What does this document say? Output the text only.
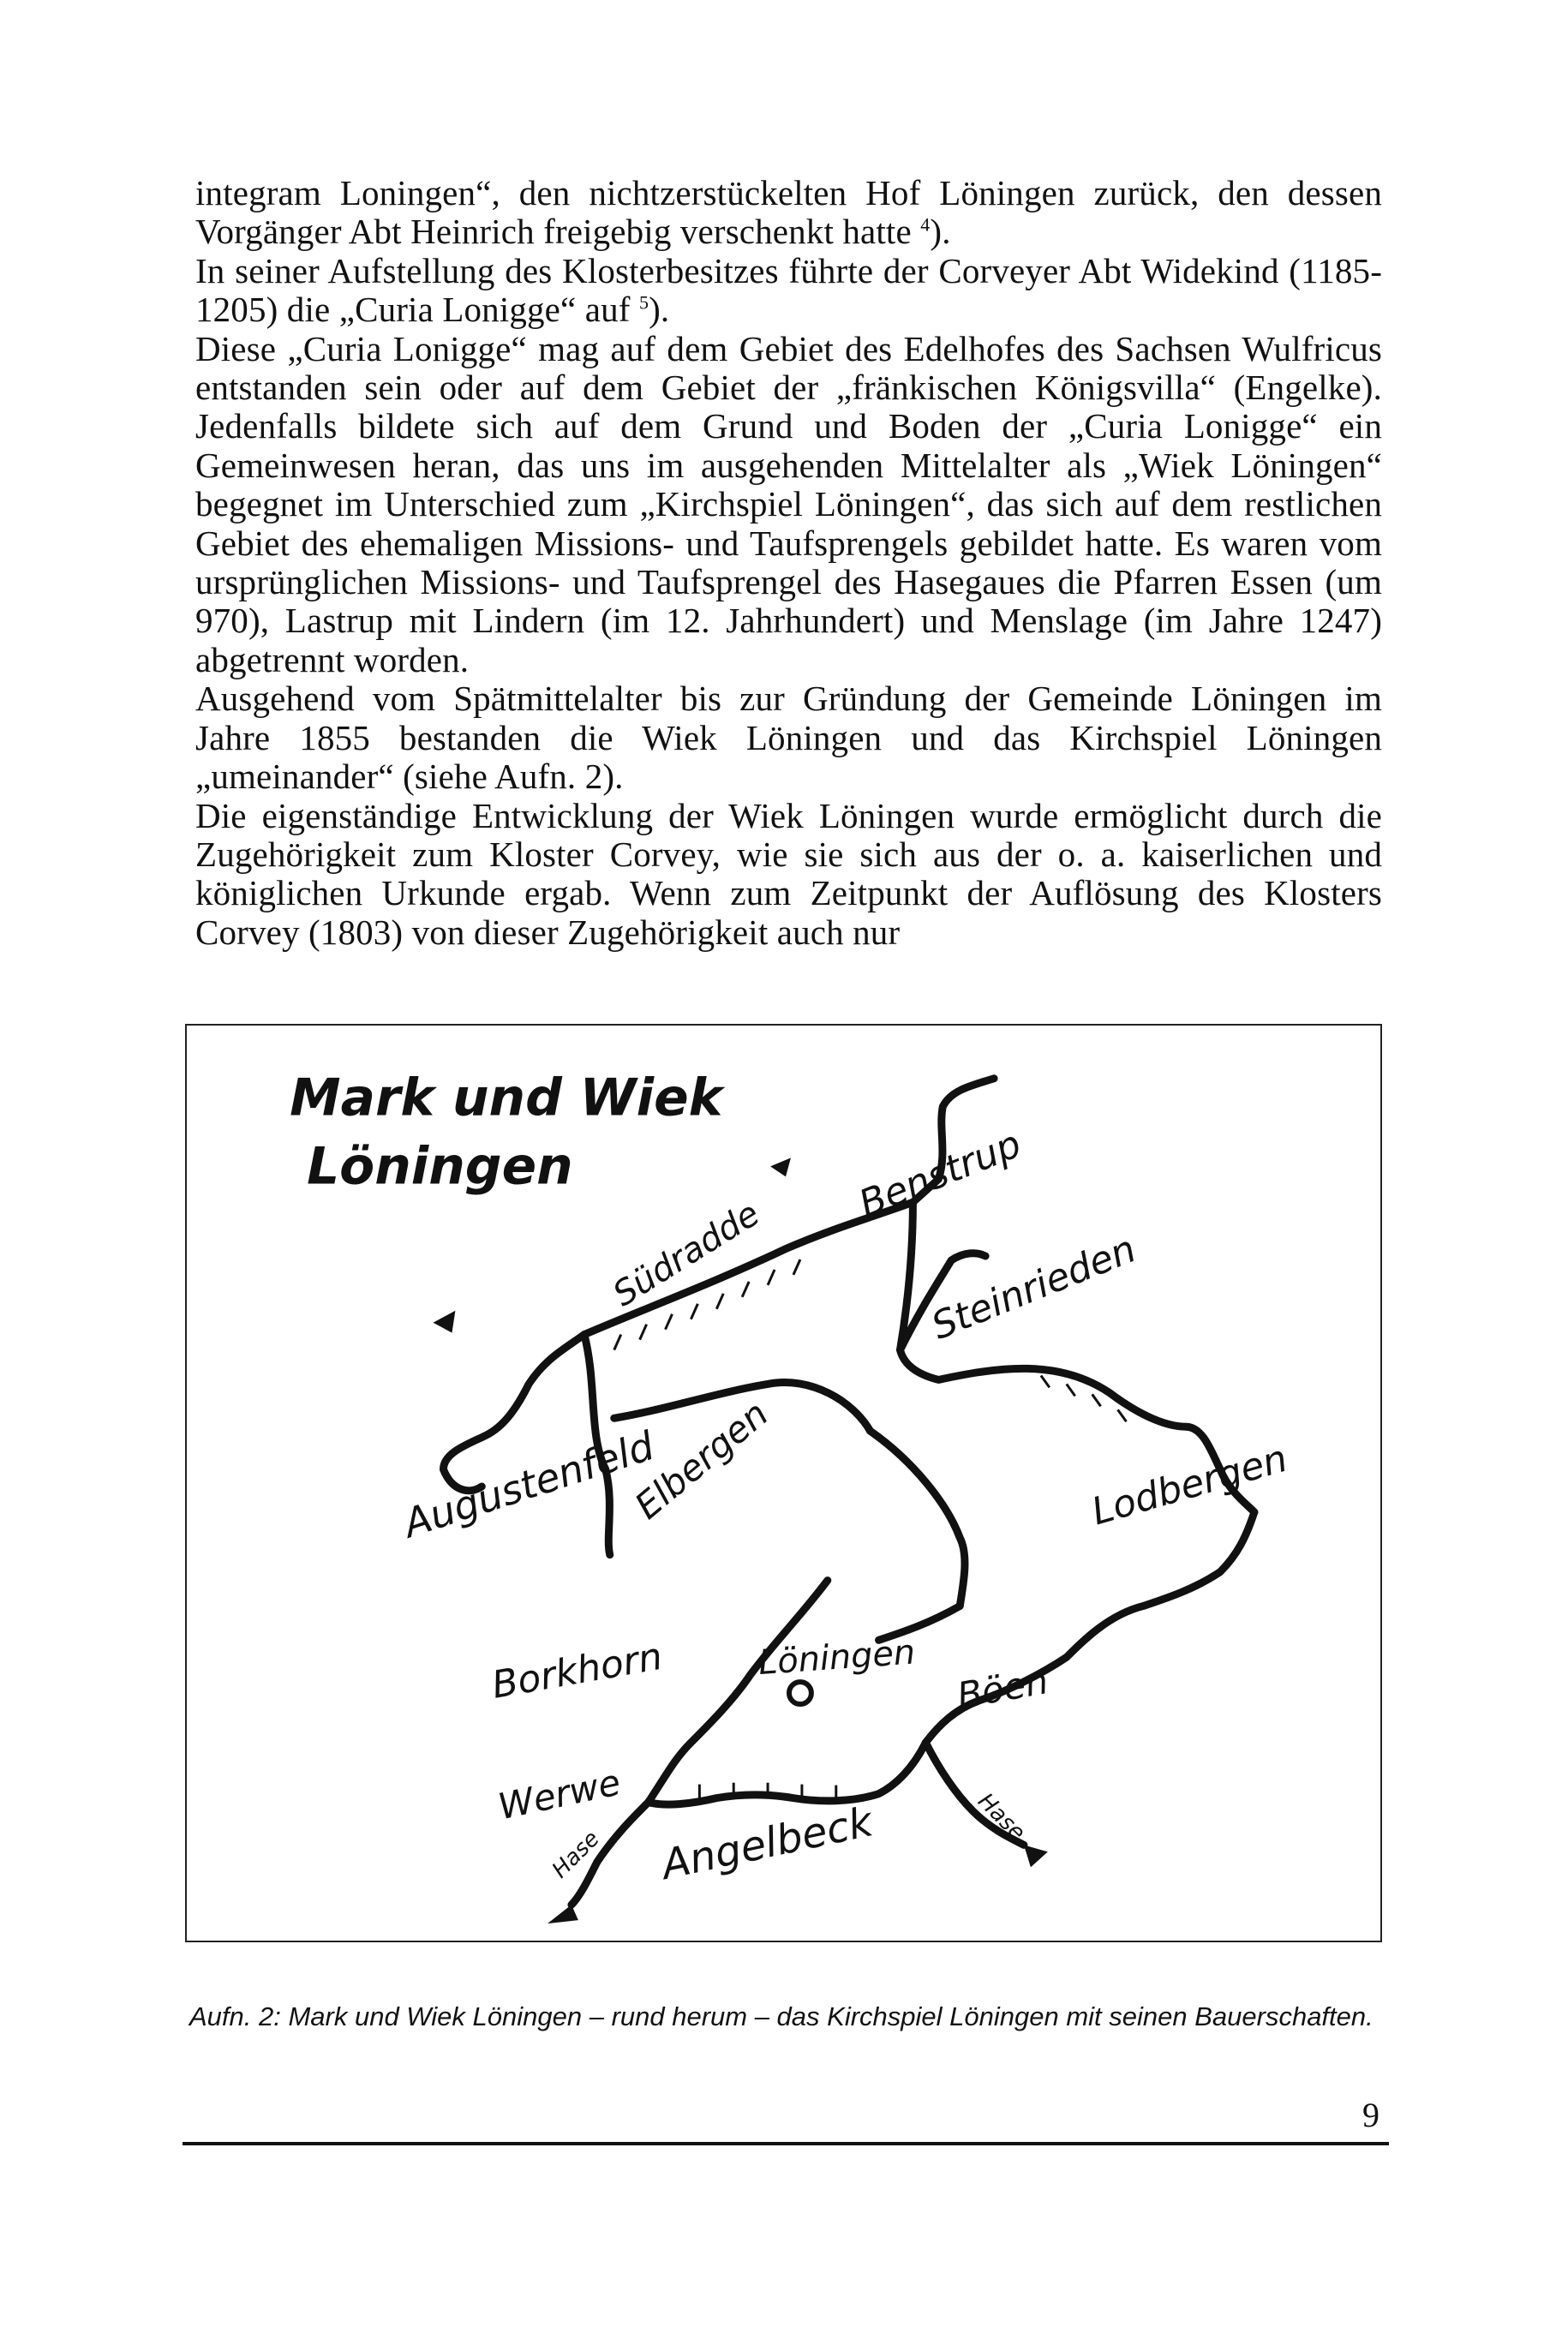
integram Loningen“, den nichtzerstückelten Hof Löningen zurück, den dessen Vorgänger Abt Heinrich freigebig verschenkt hatte $^4$).

In seiner Aufstellung des Klosterbesitzes führte der Corveyer Abt Widekind (1185-1205) die „Curia Lonigge“ auf $^5$).

Diese „Curia Lonigge“ mag auf dem Gebiet des Edelhofes des Sachsen Wulfricus entstanden sein oder auf dem Gebiet der „fränkischen Königsvilla“ (Engelke). Jedenfalls bildete sich auf dem Grund und Boden der „Curia Lonigge“ ein Gemeinwesen heran, das uns im ausgehenden Mittelalter als „Wiek Löningen“ begegnet im Unterschied zum „Kirchspiel Löningen“, das sich auf dem restlichen Gebiet des ehemaligen Missions- und Taufsprengels gebildet hatte. Es waren vom ursprünglichen Missions- und Taufsprengel des Hasegaues die Pfarren Essen (um 970), Lastrup mit Lindern (im 12. Jahrhundert) und Menslage (im Jahre 1247) abgetrennt worden.

Ausgehend vom Spätmittelalter bis zur Gründung der Gemeinde Löningen im Jahre 1855 bestanden die Wiek Löningen und das Kirchspiel Löningen „umeinander“ (siehe Aufn. 2).

Die eigenständige Entwicklung der Wiek Löningen wurde ermöglicht durch die Zugehörigkeit zum Kloster Corvey, wie sie sich aus der o. a. kaiserlichen und königlichen Urkunde ergab. Wenn zum Zeitpunkt der Auflösung des Klosters Corvey (1803) von dieser Zugehörigkeit auch nur

Mark und Wiek
Löningen
Südradde
Benstrup
Steinrieden
Augustenfeld
Elbergen	Lodbergen
Borkhorn	Löningen
Böen
Werwe
Hase Angelbeck	Hase
Aufn. 2: Mark und Wiek Löningen – rund herum – das Kirchspiel Löningen mit seinen Bauerschaften.
9
